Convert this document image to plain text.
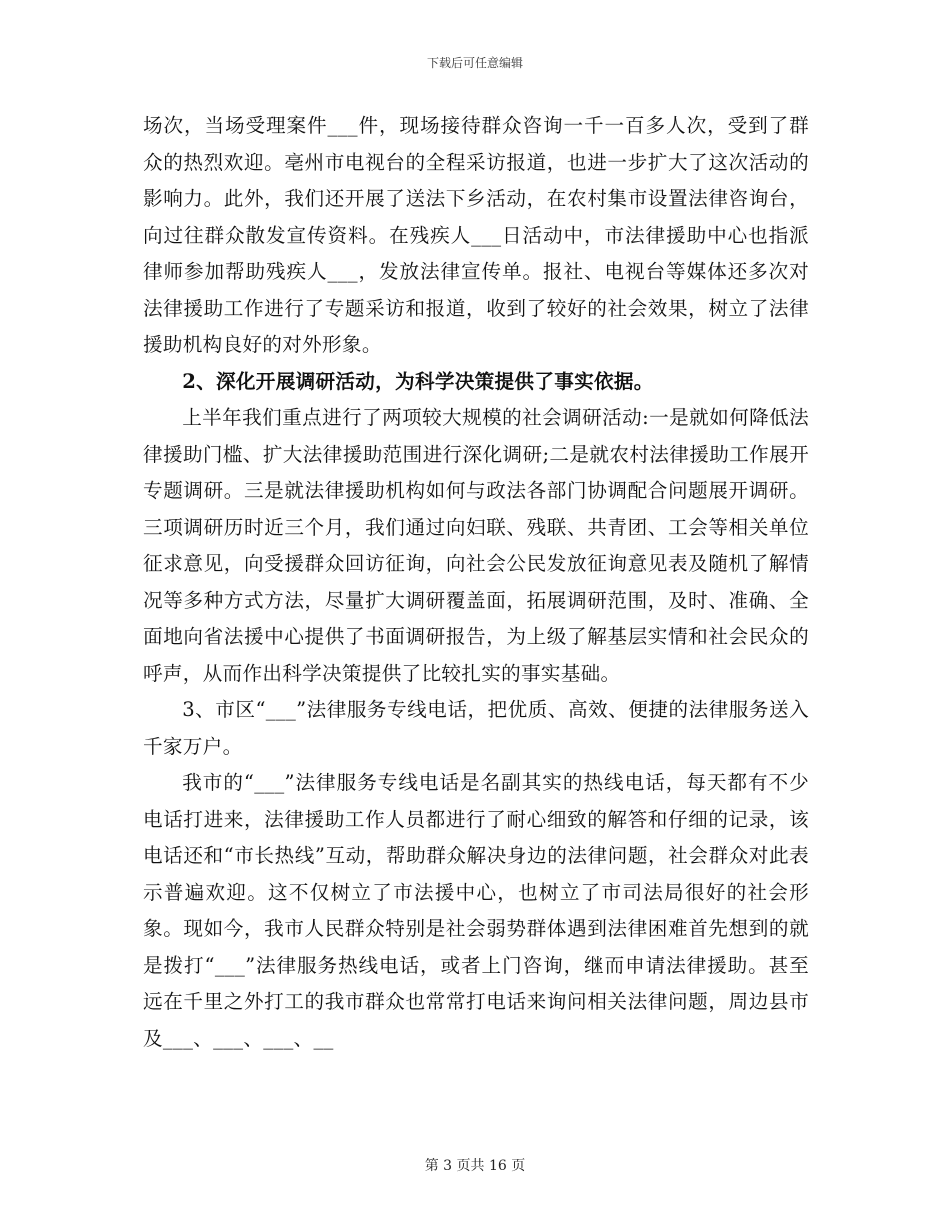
下载后可任意编辑

场次，当场受理案件___件，现场接待群众咨询一千一百多人次，受到了群众的热烈欢迎。亳州市电视台的全程采访报道，也进一步扩大了这次活动的影响力。此外，我们还开展了送法下乡活动，在农村集市设置法律咨询台，向过往群众散发宣传资料。在残疾人___日活动中，市法律援助中心也指派律师参加帮助残疾人___，发放法律宣传单。报社、电视台等媒体还多次对法律援助工作进行了专题采访和报道，收到了较好的社会效果，树立了法律援助机构良好的对外形象。

2、深化开展调研活动，为科学决策提供了事实依据。

上半年我们重点进行了两项较大规模的社会调研活动:一是就如何降低法律援助门槛、扩大法律援助范围进行深化调研;二是就农村法律援助工作展开专题调研。三是就法律援助机构如何与政法各部门协调配合问题展开调研。三项调研历时近三个月，我们通过向妇联、残联、共青团、工会等相关单位征求意见，向受援群众回访征询，向社会公民发放征询意见表及随机了解情况等多种方式方法，尽量扩大调研覆盖面，拓展调研范围，及时、准确、全面地向省法援中心提供了书面调研报告，为上级了解基层实情和社会民众的呼声，从而作出科学决策提供了比较扎实的事实基础。

3、市区“___”法律服务专线电话，把优质、高效、便捷的法律服务送入千家万户。

我市的“___”法律服务专线电话是名副其实的热线电话，每天都有不少电话打进来，法律援助工作人员都进行了耐心细致的解答和仔细的记录，该电话还和“市长热线”互动，帮助群众解决身边的法律问题，社会群众对此表示普遍欢迎。这不仅树立了市法援中心，也树立了市司法局很好的社会形象。现如今，我市人民群众特别是社会弱势群体遇到法律困难首先想到的就是拨打“___”法律服务热线电话，或者上门咨询，继而申请法律援助。甚至远在千里之外打工的我市群众也常常打电话来询问相关法律问题，周边县市及___、___、___、__

第 3 页共 16 页
